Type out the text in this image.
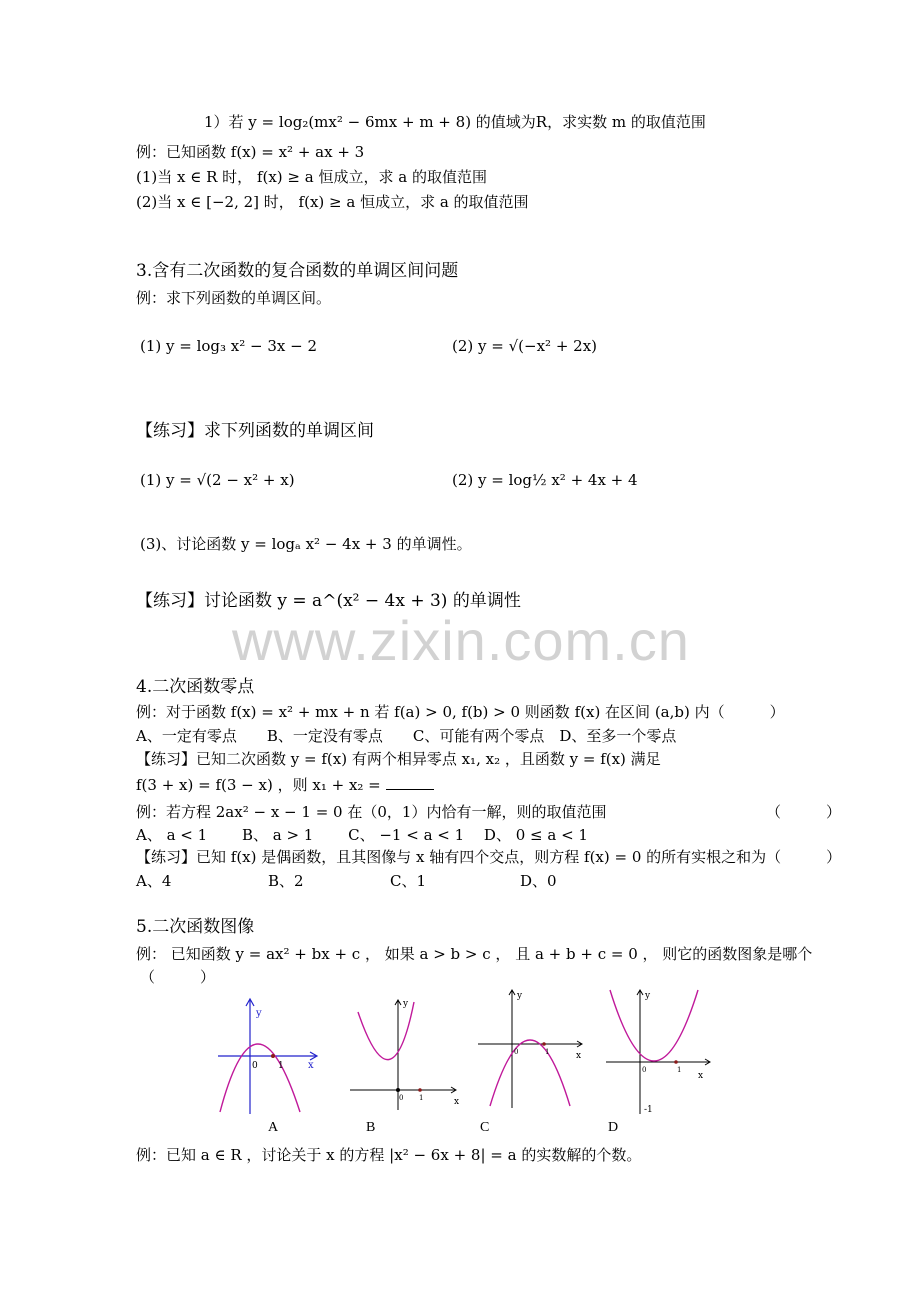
1）若 y = log₂(mx² − 6mx + m + 8) 的值域为R，求实数 m 的取值范围
例：已知函数 f(x) = x² + ax + 3
(1)当 x ∈ R 时， f(x) ≥ a 恒成立，求 a 的取值范围
(2)当 x ∈ [−2, 2] 时， f(x) ≥ a 恒成立，求 a 的取值范围
3.含有二次函数的复合函数的单调区间问题
例：求下列函数的单调区间。
(1) y = log₃ x² − 3x − 2	(2) y = √(−x² + 2x)
【练习】求下列函数的单调区间
(1) y = √(2 − x² + x)	(2) y = log½ x² + 4x + 4
(3)、讨论函数 y = logₐ x² − 4x + 3 的单调性。
【练习】讨论函数 y = a^(x² − 4x + 3) 的单调性
www.zixin.com.cn
4.二次函数零点
例：对于函数 f(x) = x² + mx + n 若 f(a) > 0, f(b) > 0 则函数 f(x) 在区间 (a,b) 内（　　　）
A、一定有零点　　B、一定没有零点　　C、可能有两个零点　D、至多一个零点
【练习】已知二次函数 y = f(x) 有两个相异零点 x₁, x₂ ，且函数 y = f(x) 满足
f(3 + x) = f(3 − x) ，则 x₁ + x₂ =
例：若方程 2ax² − x − 1 = 0 在（0，1）内恰有一解，则的取值范围	（　　　）
A、 a < 1 　　B、 a > 1 　　C、 −1 < a < 1 　D、 0 ≤ a < 1
【练习】已知 f(x) 是偶函数，且其图像与 x 轴有四个交点，则方程 f(x) = 0 的所有实根之和为（　　　）
A、4	B、2	C、1	D、0
5.二次函数图像
例： 已知函数 y = ax² + bx + c ， 如果 a > b > c ， 且 a + b + c = 0 ， 则它的函数图象是哪个
（　　　）
y
x
0 1
y
x
0 1
y
x
0	1
y
x
0	1
-1
A	B	C	D
例：已知 a ∈ R ，讨论关于 x 的方程 |x² − 6x + 8| = a 的实数解的个数。
